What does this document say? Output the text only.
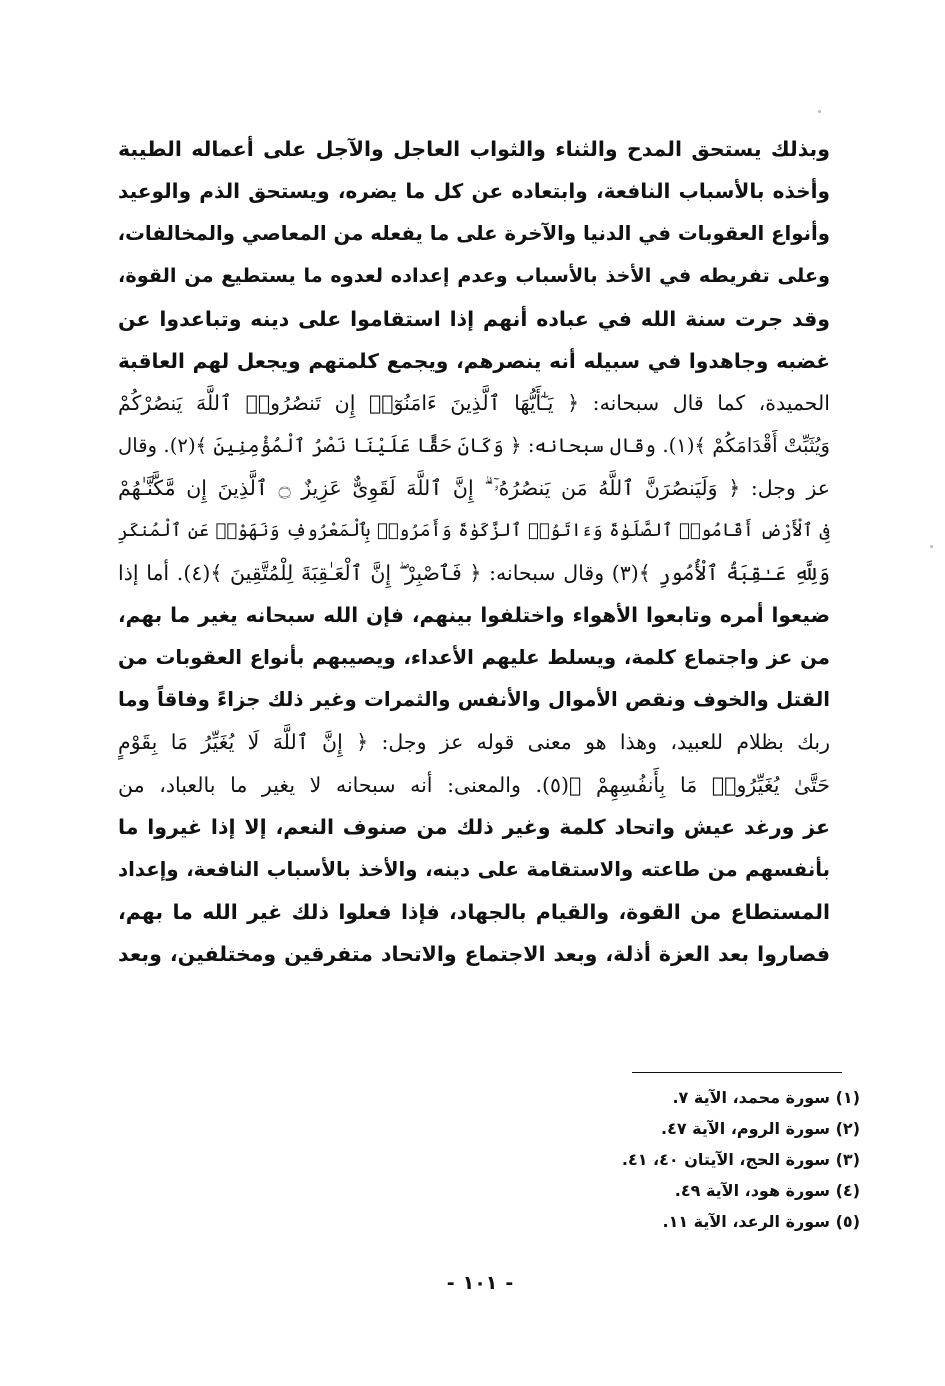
وبذلك يستحق المدح والثناء والثواب العاجل والآجل على أعماله الطيبة
وأخذه بالأسباب النافعة، وابتعاده عن كل ما يضره، ويستحق الذم والوعيد
وأنواع العقوبات في الدنيا والآخرة على ما يفعله من المعاصي والمخالفات،
وعلى تفريطه في الأخذ بالأسباب وعدم إعداده لعدوه ما يستطيع من القوة،
وقد جرت سنة الله في عباده أنهم إذا استقاموا على دينه وتباعدوا عن
غضبه وجاهدوا في سبيله أنه ينصرهم، ويجمع كلمتهم ويجعل لهم العاقبة
الحميدة، كما قال سبحانه: ﴿ يَـٰٓأَيُّهَا ٱلَّذِينَ ءَامَنُوٓا۟ إِن تَنصُرُوا۟ ٱللَّهَ يَنصُرْكُمْ
وَيُثَبِّتْ أَقْدَامَكُمْ ﴾(١). وقال سبحانه: ﴿ وَكَانَ حَقًّا عَلَيْنَا نَصْرُ ٱلْمُؤْمِنِينَ ﴾(٢). وقال
عز وجل: ﴿ وَلَيَنصُرَنَّ ٱللَّهُ مَن يَنصُرُهُۥٓ ۗ إِنَّ ٱللَّهَ لَقَوِىٌّ عَزِيزٌ ۝ ٱلَّذِينَ إِن مَّكَّنَّـٰهُمْ
فِى ٱلْأَرْضِ أَقَامُوا۟ ٱلصَّلَوٰةَ وَءَاتَوُا۟ ٱلزَّكَوٰةَ وَأَمَرُوا۟ بِٱلْمَعْرُوفِ وَنَهَوْا۟ عَنِ ٱلْمُنكَرِ
وَلِلَّهِ عَـٰقِبَةُ ٱلْأُمُورِ ﴾(٣) وقال سبحانه: ﴿ فَٱصْبِرْ ۖ إِنَّ ٱلْعَـٰقِبَةَ لِلْمُتَّقِينَ ﴾(٤). أما إذا
ضيعوا أمره وتابعوا الأهواء واختلفوا بينهم، فإن الله سبحانه يغير ما بهم،
من عز واجتماع كلمة، ويسلط عليهم الأعداء، ويصيبهم بأنواع العقوبات من
القتل والخوف ونقص الأموال والأنفس والثمرات وغير ذلك جزاءً وفاقاً وما
ربك بظلام للعبيد، وهذا هو معنى قوله عز وجل: ﴿ إِنَّ ٱللَّهَ لَا يُغَيِّرُ مَا بِقَوْمٍ
حَتَّىٰ يُغَيِّرُوا۟ مَا بِأَنفُسِهِمْ ﴾(٥). والمعنى: أنه سبحانه لا يغير ما بالعباد، من
عز ورغد عيش واتحاد كلمة وغير ذلك من صنوف النعم، إلا إذا غيروا ما
بأنفسهم من طاعته والاستقامة على دينه، والأخذ بالأسباب النافعة، وإعداد
المستطاع من القوة، والقيام بالجهاد، فإذا فعلوا ذلك غير الله ما بهم،
فصاروا بعد العزة أذلة، وبعد الاجتماع والاتحاد متفرقين ومختلفين، وبعد
(١) سورة محمد، الآية ٧.
(٢) سورة الروم، الآية ٤٧.
(٣) سورة الحج، الآيتان ٤٠، ٤١.
(٤) سورة هود، الآية ٤٩.
(٥) سورة الرعد، الآية ١١.
-١٠١-
